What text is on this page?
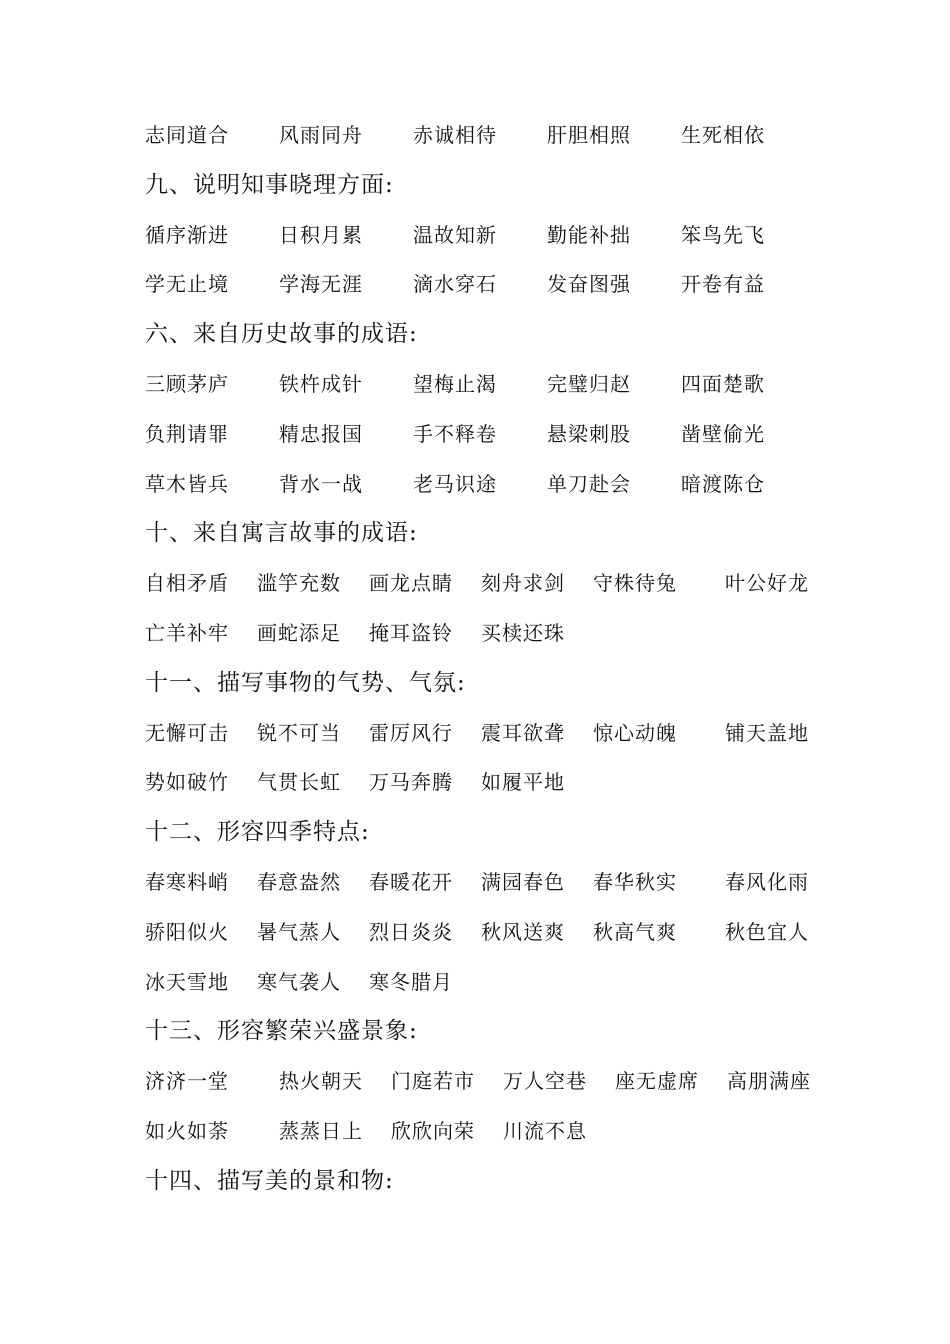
志同道合	风雨同舟	赤诚相待	肝胆相照	生死相依
九、说明知事晓理方面:
循序渐进	日积月累	温故知新	勤能补拙	笨鸟先飞
学无止境	学海无涯	滴水穿石	发奋图强	开卷有益
六、来自历史故事的成语:
三顾茅庐	铁杵成针	望梅止渴	完璧归赵	四面楚歌
负荆请罪	精忠报国	手不释卷	悬梁刺股	凿壁偷光
草木皆兵	背水一战	老马识途	单刀赴会	暗渡陈仓
十、来自寓言故事的成语:
自相矛盾 滥竽充数 画龙点睛 刻舟求剑 守株待兔 叶公好龙
亡羊补牢 画蛇添足 掩耳盗铃 买椟还珠
十一、描写事物的气势、气氛:
无懈可击 锐不可当 雷厉风行 震耳欲聋 惊心动魄 铺天盖地
势如破竹 气贯长虹 万马奔腾 如履平地
十二、形容四季特点:
春寒料峭 春意盎然 春暖花开 满园春色 春华秋实 春风化雨
骄阳似火 暑气蒸人 烈日炎炎 秋风送爽 秋高气爽 秋色宜人
冰天雪地 寒气袭人 寒冬腊月
十三、形容繁荣兴盛景象:
济济一堂	热火朝天 门庭若市 万人空巷 座无虚席 高朋满座
如火如荼	蒸蒸日上 欣欣向荣 川流不息
十四、描写美的景和物:
